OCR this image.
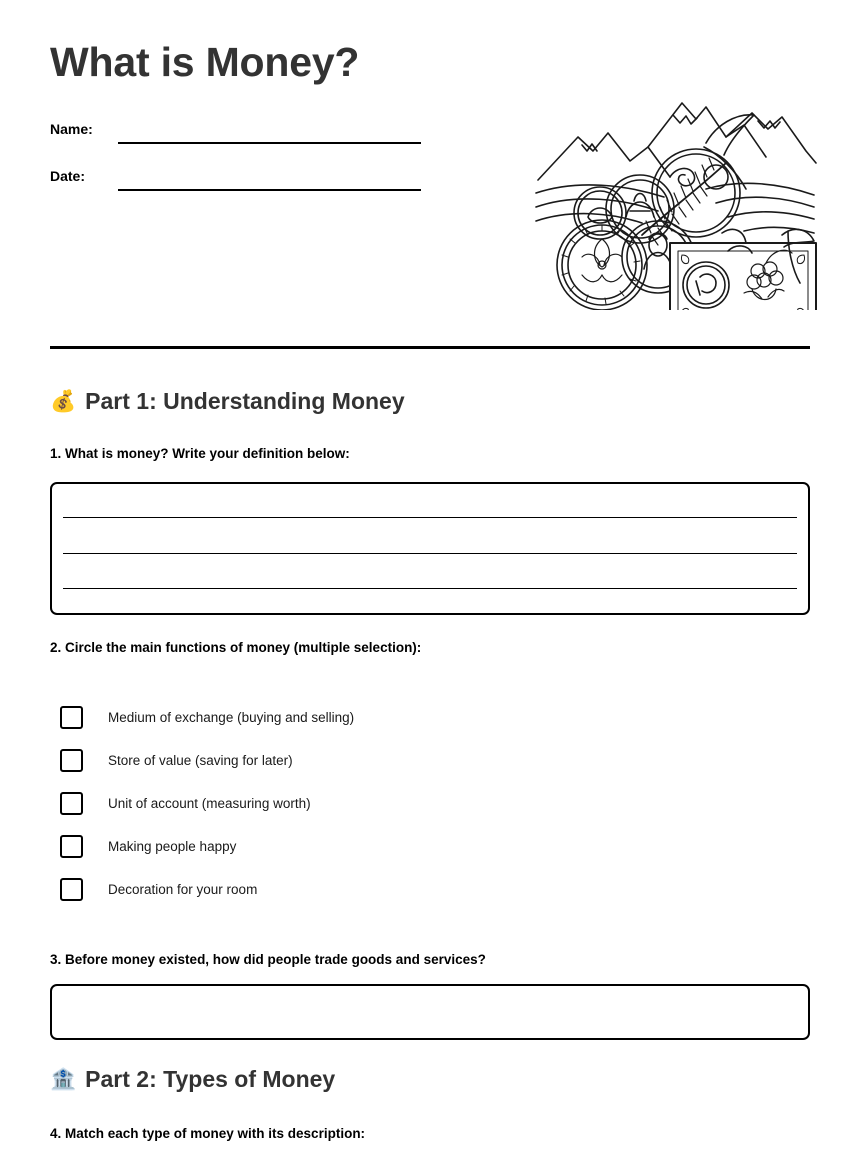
What is Money?
Name:
Date:
💰 Part 1: Understanding Money

1. What is money? Write your definition below:

2. Circle the main functions of money (multiple selection):

Medium of exchange (buying and selling)
Store of value (saving for later)
Unit of account (measuring worth)
Making people happy
Decoration for your room

3. Before money existed, how did people trade goods and services?

🏦 Part 2: Types of Money

4. Match each type of money with its description:
